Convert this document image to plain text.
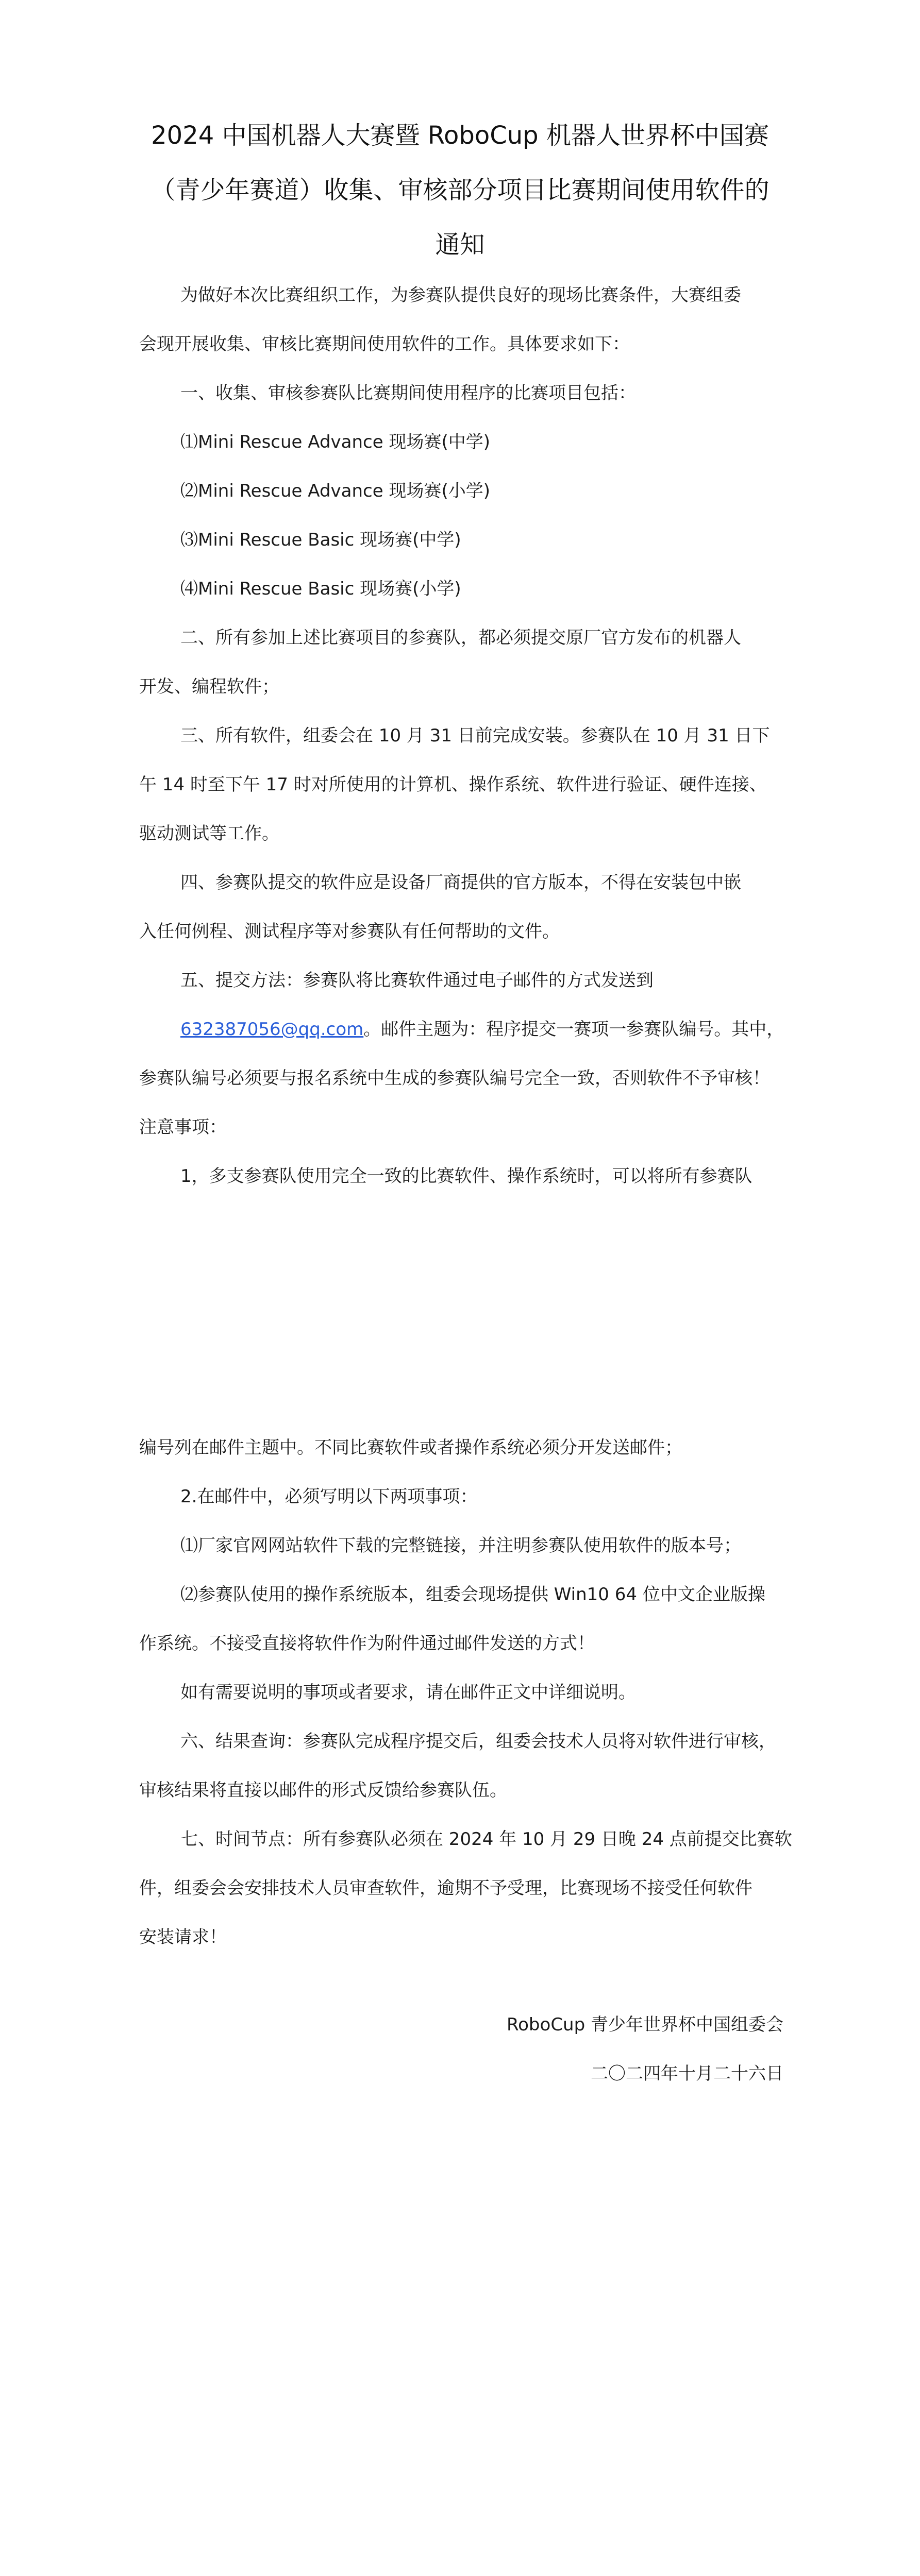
2024 中国机器人大赛暨 RoboCup 机器人世界杯中国赛
（青少年赛道）收集、审核部分项目比赛期间使用软件的
通知
为做好本次比赛组织工作，为参赛队提供良好的现场比赛条件，大赛组委
会现开展收集、审核比赛期间使用软件的工作。具体要求如下：
一、收集、审核参赛队比赛期间使用程序的比赛项目包括：
⑴Mini Rescue Advance 现场赛(中学)
⑵Mini Rescue Advance 现场赛(小学)
⑶Mini Rescue Basic 现场赛(中学)
⑷Mini Rescue Basic 现场赛(小学)
二、所有参加上述比赛项目的参赛队，都必须提交原厂官方发布的机器人
开发、编程软件；
三、所有软件，组委会在 10 月 31 日前完成安装。参赛队在 10 月 31 日下
午 14 时至下午 17 时对所使用的计算机、操作系统、软件进行验证、硬件连接、
驱动测试等工作。
四、参赛队提交的软件应是设备厂商提供的官方版本，不得在安装包中嵌
入任何例程、测试程序等对参赛队有任何帮助的文件。
五、提交方法：参赛队将比赛软件通过电子邮件的方式发送到
632387056@qq.com。邮件主题为：程序提交一赛项一参赛队编号。其中，
参赛队编号必须要与报名系统中生成的参赛队编号完全一致，否则软件不予审核！
注意事项：
1，多支参赛队使用完全一致的比赛软件、操作系统时，可以将所有参赛队
编号列在邮件主题中。不同比赛软件或者操作系统必须分开发送邮件；
2.在邮件中，必须写明以下两项事项：
⑴厂家官网网站软件下载的完整链接，并注明参赛队使用软件的版本号；
⑵参赛队使用的操作系统版本，组委会现场提供 Win10 64 位中文企业版操
作系统。不接受直接将软件作为附件通过邮件发送的方式！
如有需要说明的事项或者要求，请在邮件正文中详细说明。
六、结果查询：参赛队完成程序提交后，组委会技术人员将对软件进行审核，
审核结果将直接以邮件的形式反馈给参赛队伍。
七、时间节点：所有参赛队必须在 2024 年 10 月 29 日晚 24 点前提交比赛软
件，组委会会安排技术人员审查软件，逾期不予受理，比赛现场不接受任何软件
安装请求！
RoboCup 青少年世界杯中国组委会
二〇二四年十月二十六日
